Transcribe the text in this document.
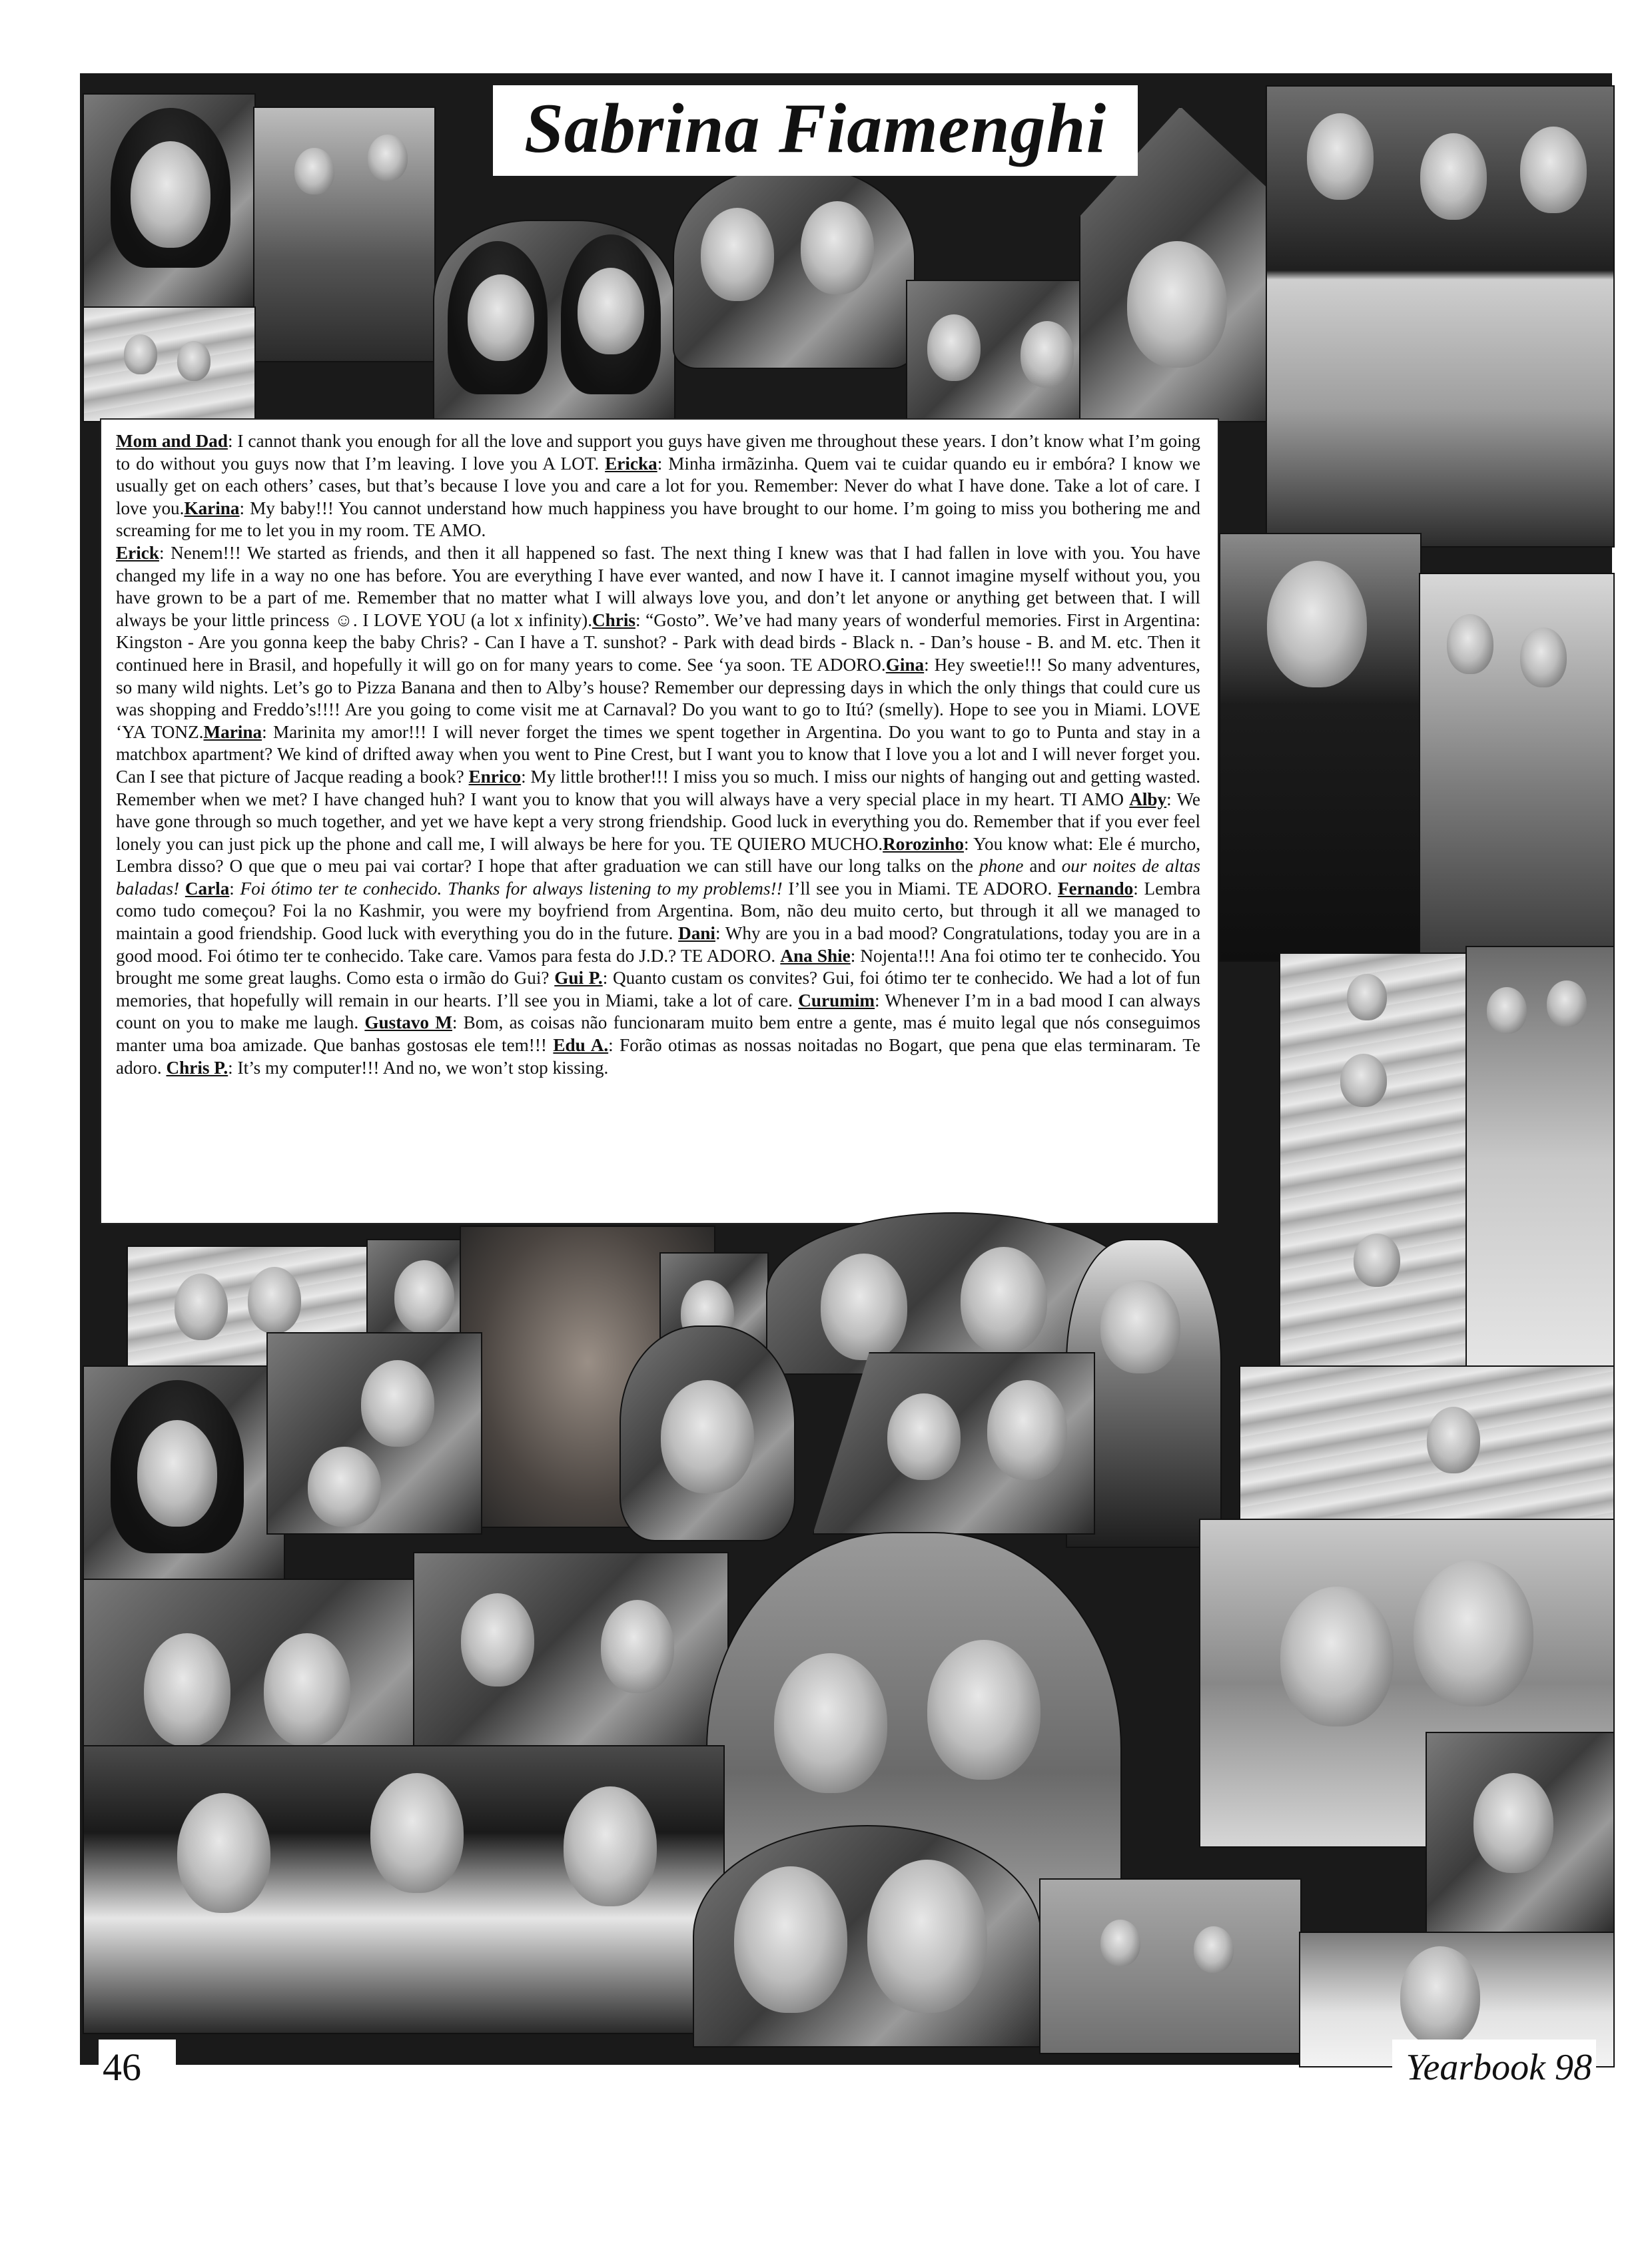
Sabrina Fiamenghi

Mom and Dad: I cannot thank you enough for all the love and support you guys have given me throughout these years. I don’t know what I’m going to do without you guys now that I’m leaving. I love you A LOT. Ericka: Minha irmãzinha. Quem vai te cuidar quando eu ir embóra? I know we usually get on each others’ cases, but that’s because I love you and care a lot for you. Remember: Never do what I have done. Take a lot of care. I love you.Karina: My baby!!! You cannot understand how much happiness you have brought to our home. I’m going to miss you bothering me and screaming for me to let you in my room. TE AMO.

Erick: Nenem!!! We started as friends, and then it all happened so fast. The next thing I knew was that I had fallen in love with you. You have changed my life in a way no one has before. You are everything I have ever wanted, and now I have it. I cannot imagine myself without you, you have grown to be a part of me. Remember that no matter what I will always love you, and don’t let anyone or anything get between that. I will always be your little princess ☺. I LOVE YOU (a lot x infinity).Chris: “Gosto”. We’ve had many years of wonderful memories. First in Argentina: Kingston - Are you gonna keep the baby Chris? - Can I have a T. sunshot? - Park with dead birds - Black n. - Dan’s house - B. and M. etc. Then it continued here in Brasil, and hopefully it will go on for many years to come. See ‘ya soon. TE ADORO.Gina: Hey sweetie!!! So many adventures, so many wild nights. Let’s go to Pizza Banana and then to Alby’s house? Remember our depressing days in which the only things that could cure us was shopping and Freddo’s!!!! Are you going to come visit me at Carnaval? Do you want to go to Itú? (smelly). Hope to see you in Miami. LOVE ‘YA TONZ.Marina: Marinita my amor!!! I will never forget the times we spent together in Argentina. Do you want to go to Punta and stay in a matchbox apartment? We kind of drifted away when you went to Pine Crest, but I want you to know that I love you a lot and I will never forget you. Can I see that picture of Jacque reading a book? Enrico: My little brother!!! I miss you so much. I miss our nights of hanging out and getting wasted. Remember when we met? I have changed huh? I want you to know that you will always have a very special place in my heart. TI AMO Alby: We have gone through so much together, and yet we have kept a very strong friendship. Good luck in everything you do. Remember that if you ever feel lonely you can just pick up the phone and call me, I will always be here for you. TE QUIERO MUCHO.Rorozinho: You know what: Ele é murcho, Lembra disso? O que que o meu pai vai cortar? I hope that after graduation we can still have our long talks on the phone and our noites de altas baladas! Carla: Foi ótimo ter te conhecido. Thanks for always listening to my problems!! I’ll see you in Miami. TE ADORO. Fernando: Lembra como tudo começou? Foi la no Kashmir, you were my boyfriend from Argentina. Bom, não deu muito certo, but through it all we managed to maintain a good friendship. Good luck with everything you do in the future. Dani: Why are you in a bad mood? Congratulations, today you are in a good mood. Foi ótimo ter te conhecido. Take care. Vamos para festa do J.D.? TE ADORO. Ana Shie: Nojenta!!! Ana foi otimo ter te conhecido. You brought me some great laughs. Como esta o irmão do Gui? Gui P.: Quanto custam os convites? Gui, foi ótimo ter te conhecido. We had a lot of fun memories, that hopefully will remain in our hearts. I’ll see you in Miami, take a lot of care. Curumim: Whenever I’m in a bad mood I can always count on you to make me laugh. Gustavo M: Bom, as coisas não funcionaram muito bem entre a gente, mas é muito legal que nós conseguimos manter uma boa amizade. Que banhas gostosas ele tem!!! Edu A.: Forão otimas as nossas noitadas no Bogart, que pena que elas terminaram. Te adoro. Chris P.: It’s my computer!!! And no, we won’t stop kissing.

46	Yearbook 98
